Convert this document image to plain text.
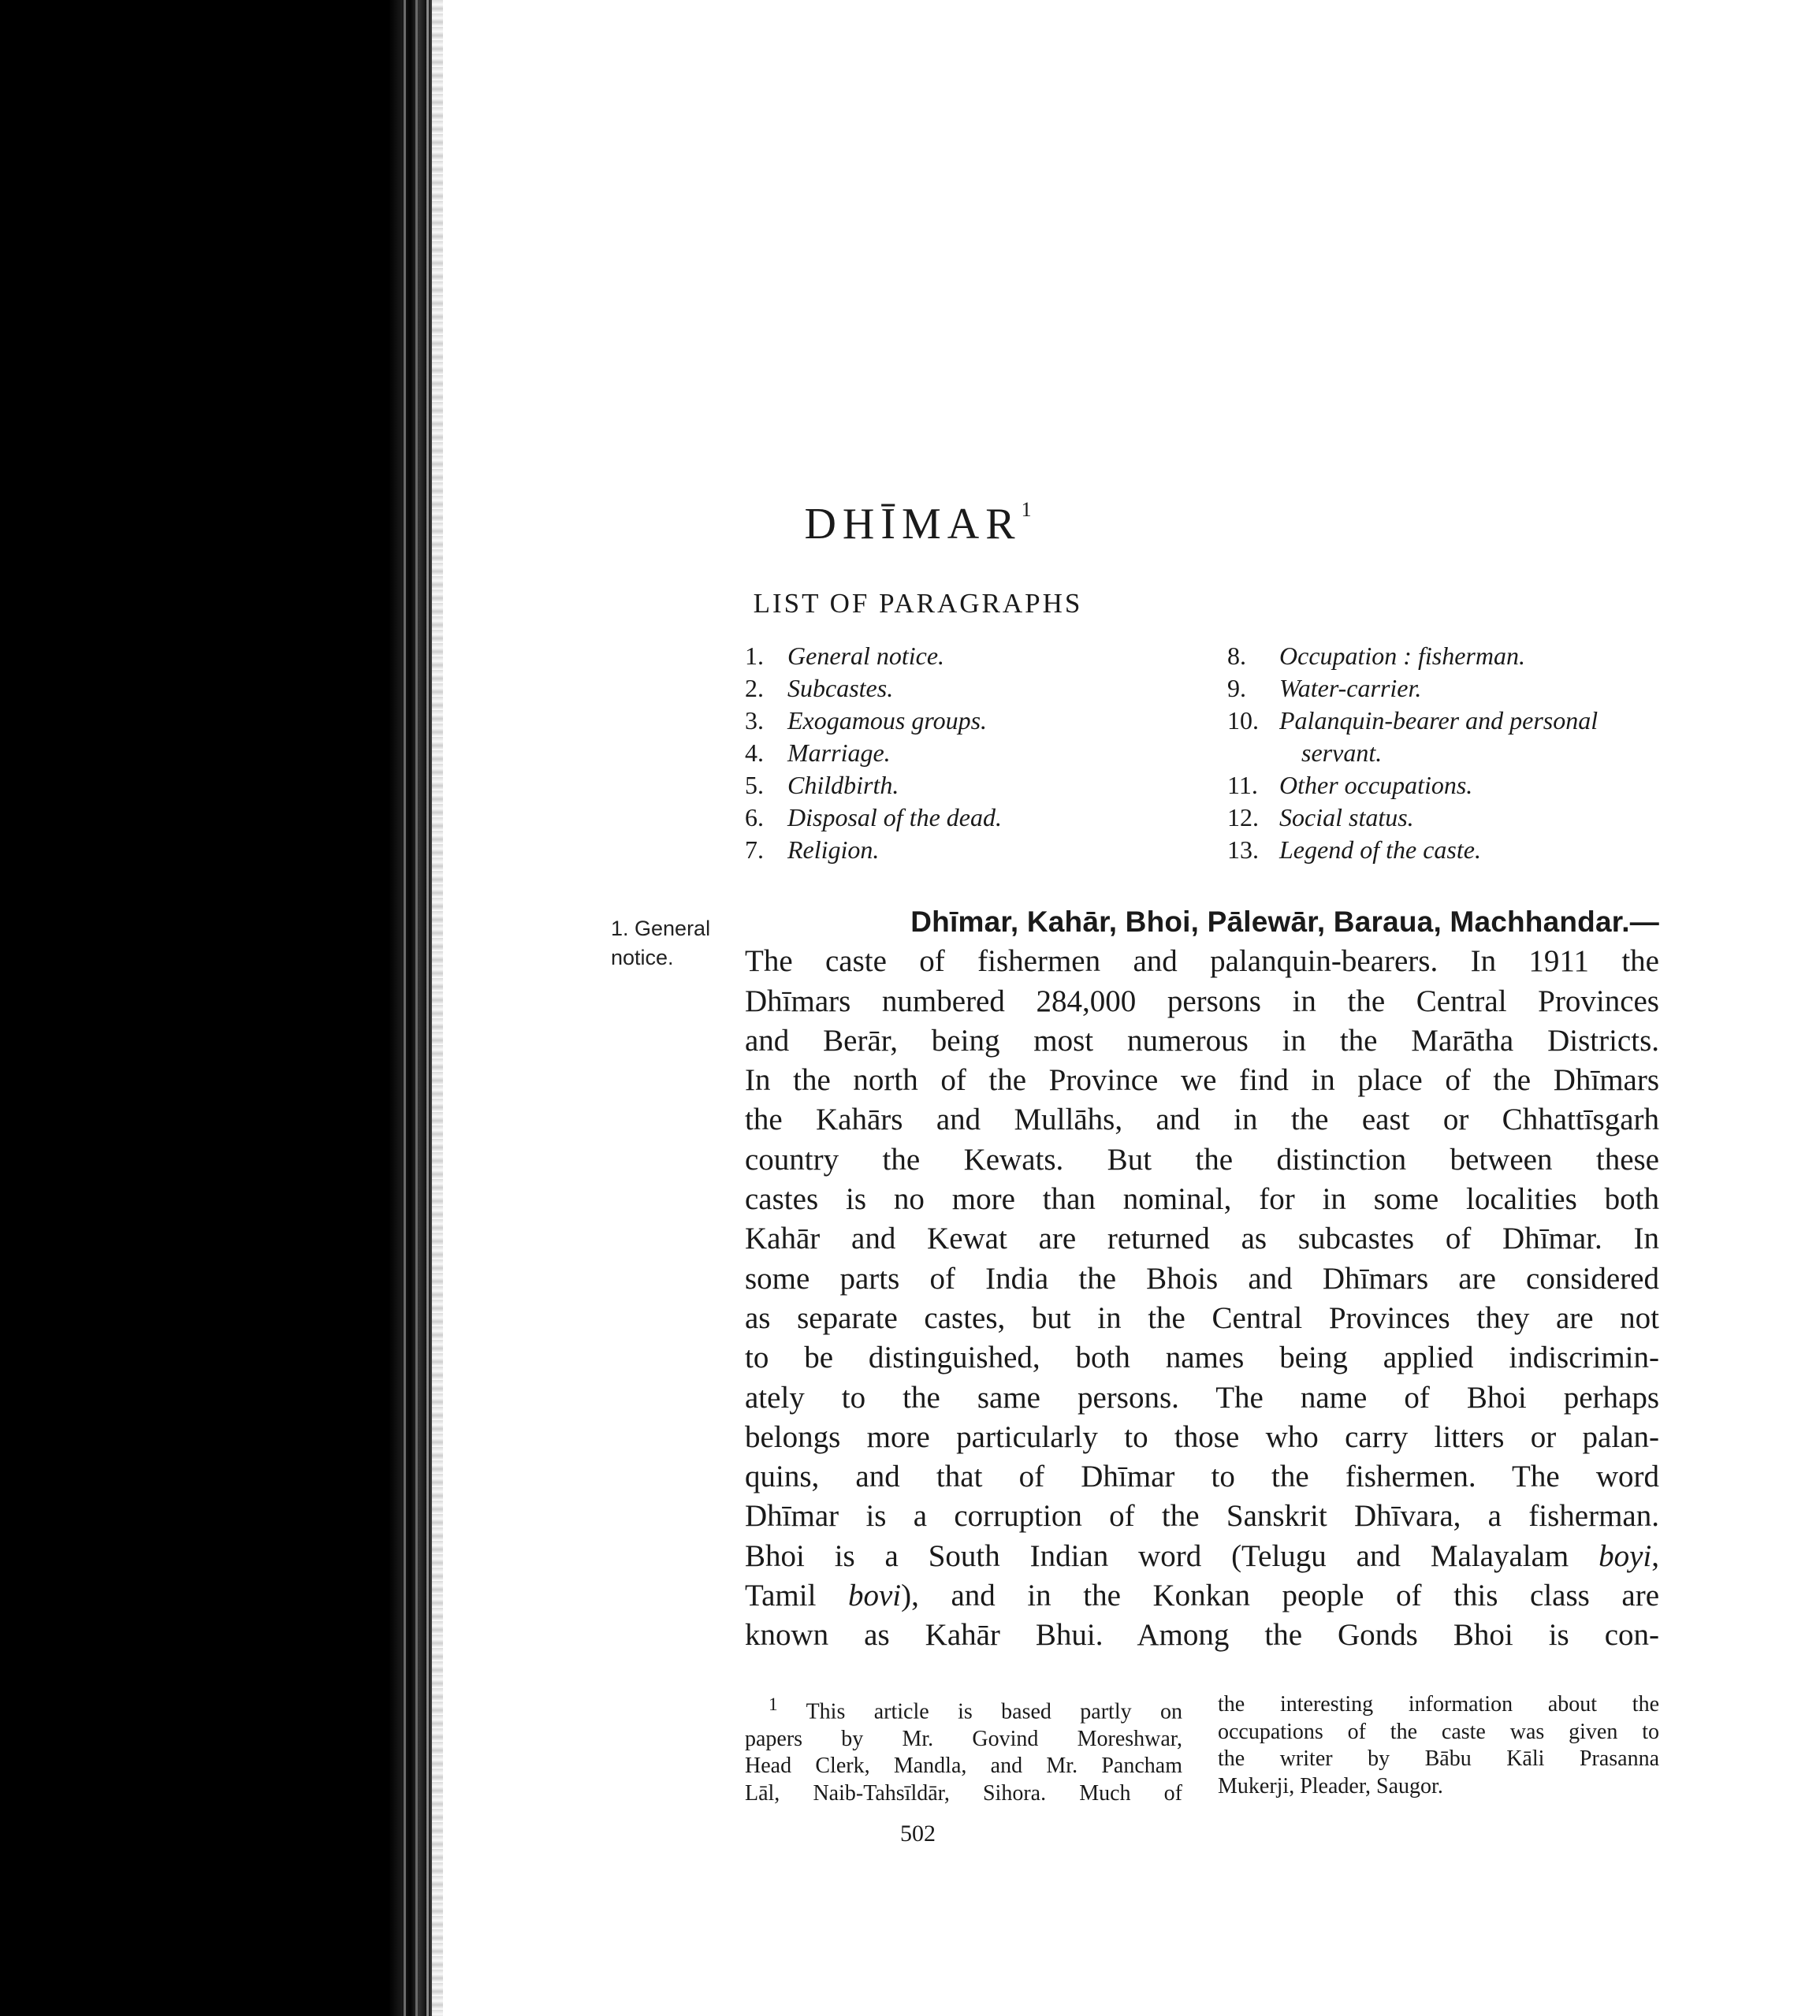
DHĪMAR$^1$
LIST OF PARAGRAPHS
1. General notice.
2. Subcastes.
3. Exogamous groups.
4. Marriage.
5. Childbirth.
6. Disposal of the dead.
7. Religion.
8.	Occupation : fisherman.
9.	Water-carrier.
10. Palanquin-bearer and personal
servant.
11. Other occupations.
12. Social status.
13. Legend of the caste.
1. General
notice.
Dhīmar, Kahār, Bhoi, Pālewār, Baraua, Machhandar.—
The caste of fishermen and palanquin-bearers. In 1911 the
Dhīmars numbered 284,000 persons in the Central Provinces
and Berār, being most numerous in the Marātha Districts.
In the north of the Province we find in place of the Dhīmars
the Kahārs and Mullāhs, and in the east or Chhattīsgarh
country the Kewats. But the distinction between these
castes is no more than nominal, for in some localities both
Kahār and Kewat are returned as subcastes of Dhīmar. In
some parts of India the Bhois and Dhīmars are considered
as separate castes, but in the Central Provinces they are not
to be distinguished, both names being applied indiscrimin-
ately to the same persons. The name of Bhoi perhaps
belongs more particularly to those who carry litters or palan-
quins, and that of Dhīmar to the fishermen. The word
Dhīmar is a corruption of the Sanskrit Dhīvara, a fisherman.
Bhoi is a South Indian word (Telugu and Malayalam boyi,
Tamil bovi), and in the Konkan people of this class are
known as Kahār Bhui. Among the Gonds Bhoi is con-
$^1$ This article is based partly on
papers by Mr. Govind Moreshwar,
Head Clerk, Mandla, and Mr. Pancham
Lāl, Naib-Tahsīldār, Sihora. Much of
the interesting information about the
occupations of the caste was given to
the writer by Bābu Kāli Prasanna
Mukerji, Pleader, Saugor.
502
